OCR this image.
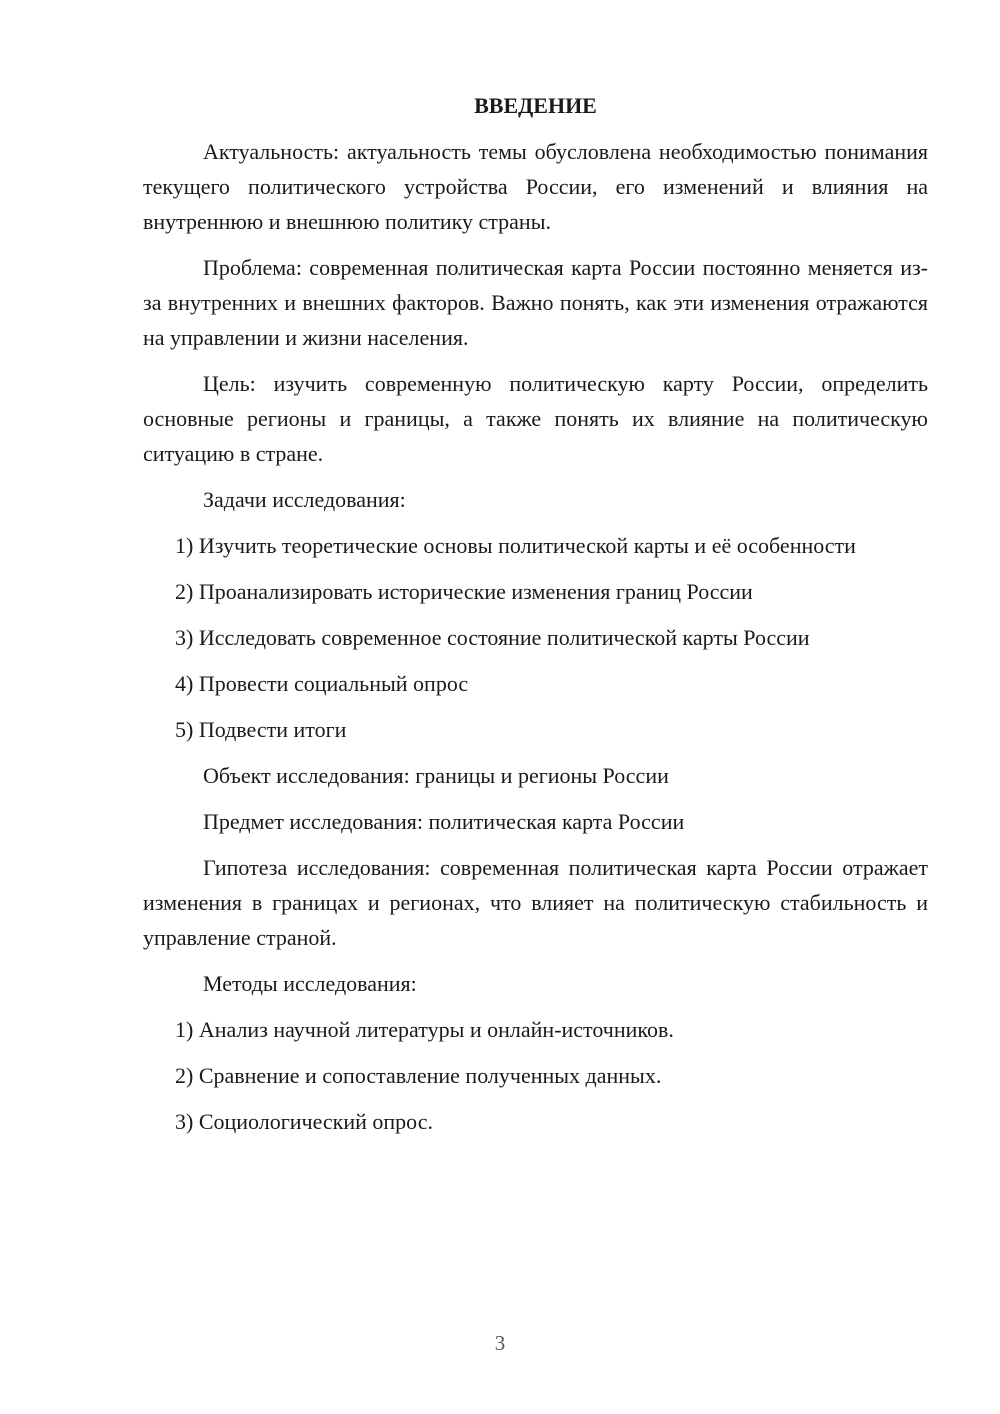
ВВЕДЕНИЕ

Актуальность: актуальность темы обусловлена необходимостью понимания текущего политического устройства России, его изменений и влияния на внутреннюю и внешнюю политику страны.

Проблема: современная политическая карта России постоянно меняется из-за внутренних и внешних факторов. Важно понять, как эти изменения отражаются на управлении и жизни населения.

Цель: изучить современную политическую карту России, определить основные регионы и границы, а также понять их влияние на политическую ситуацию в стране.

Задачи исследования:

1) Изучить теоретические основы политической карты и её особенности

2) Проанализировать исторические изменения границ России

3) Исследовать современное состояние политической карты России

4) Провести социальный опрос

5) Подвести итоги

Объект исследования: границы и регионы России

Предмет исследования: политическая карта России

Гипотеза исследования: современная политическая карта России отражает изменения в границах и регионах, что влияет на политическую стабильность и управление страной.

Методы исследования:

1) Анализ научной литературы и онлайн-источников.

2) Сравнение и сопоставление полученных данных.

3) Социологический опрос.

3
